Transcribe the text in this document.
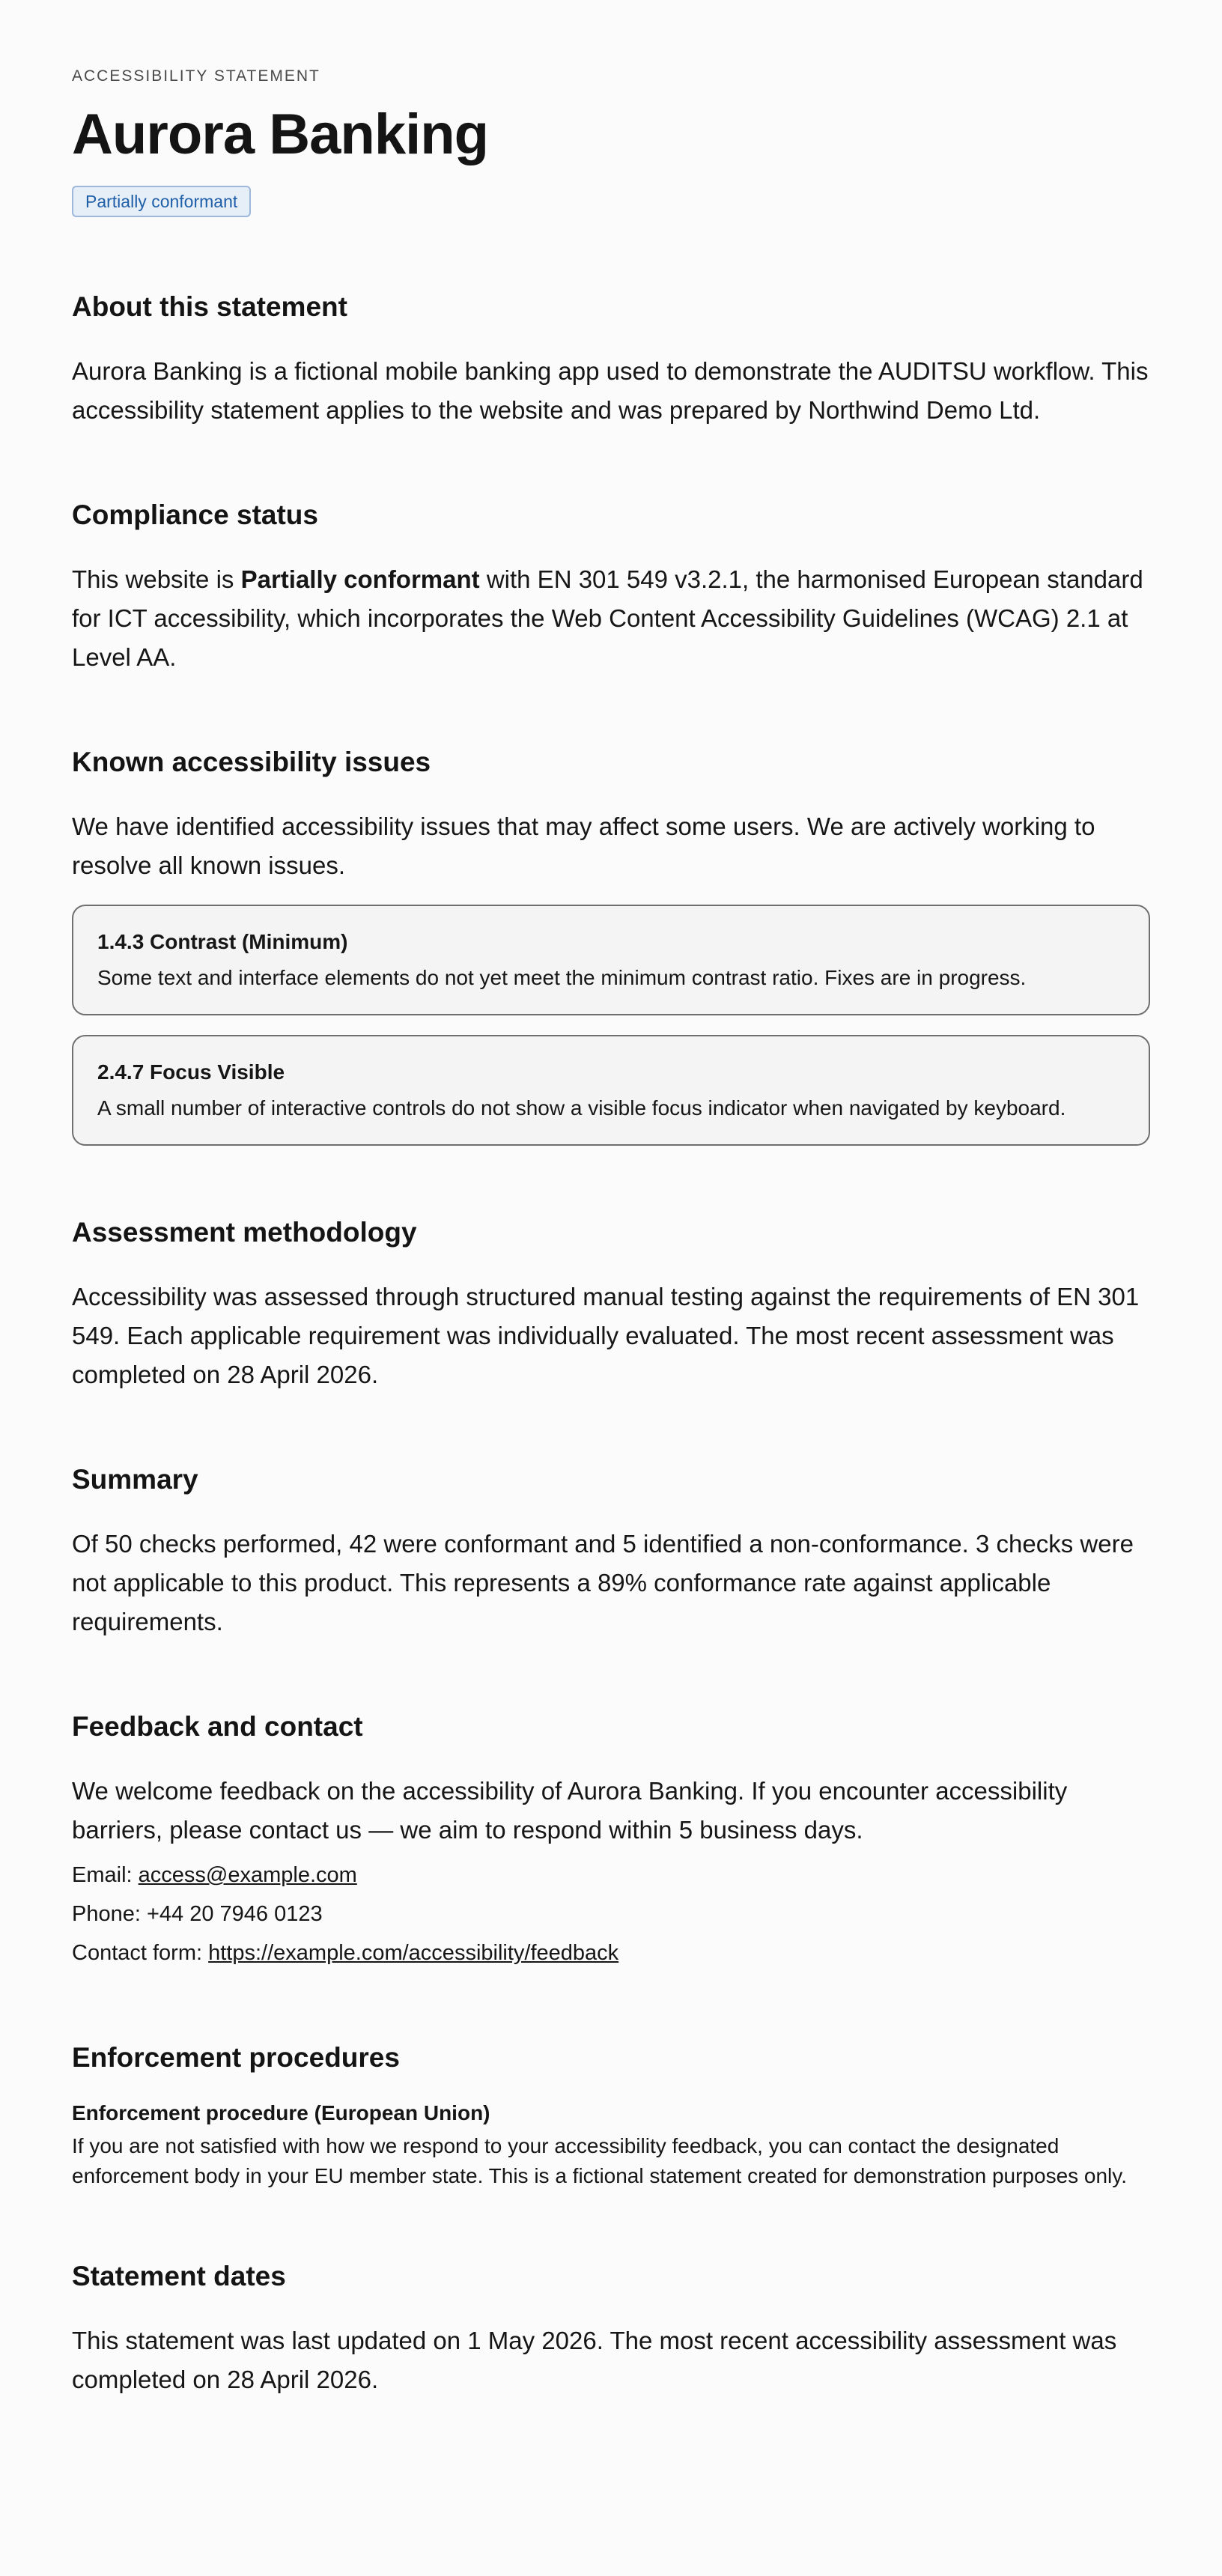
ACCESSIBILITY STATEMENT
Aurora Banking
Partially conformant
About this statement

Aurora Banking is a fictional mobile banking app used to demonstrate the AUDITSU workflow. This accessibility statement applies to the website and was prepared by Northwind Demo Ltd.

Compliance status

This website is Partially conformant with EN 301 549 v3.2.1, the harmonised European standard for ICT accessibility, which incorporates the Web Content Accessibility Guidelines (WCAG) 2.1 at Level AA.

Known accessibility issues

We have identified accessibility issues that may affect some users. We are actively working to resolve all known issues.

1.4.3 Contrast (Minimum)
Some text and interface elements do not yet meet the minimum contrast ratio. Fixes are in progress.
2.4.7 Focus Visible
A small number of interactive controls do not show a visible focus indicator when navigated by keyboard.
Assessment methodology

Accessibility was assessed through structured manual testing against the requirements of EN 301 549. Each applicable requirement was individually evaluated. The most recent assessment was completed on 28 April 2026.

Summary

Of 50 checks performed, 42 were conformant and 5 identified a non-conformance. 3 checks were not applicable to this product. This represents a 89% conformance rate against applicable requirements.

Feedback and contact

We welcome feedback on the accessibility of Aurora Banking. If you encounter accessibility barriers, please contact us — we aim to respond within 5 business days.

Email: access@example.com
Phone: +44 20 7946 0123
Contact form: https://example.com/accessibility/feedback
Enforcement procedures
Enforcement procedure (European Union)
If you are not satisfied with how we respond to your accessibility feedback, you can contact the designated enforcement body in your EU member state. This is a fictional statement created for demonstration purposes only.
Statement dates

This statement was last updated on 1 May 2026. The most recent accessibility assessment was completed on 28 April 2026.
